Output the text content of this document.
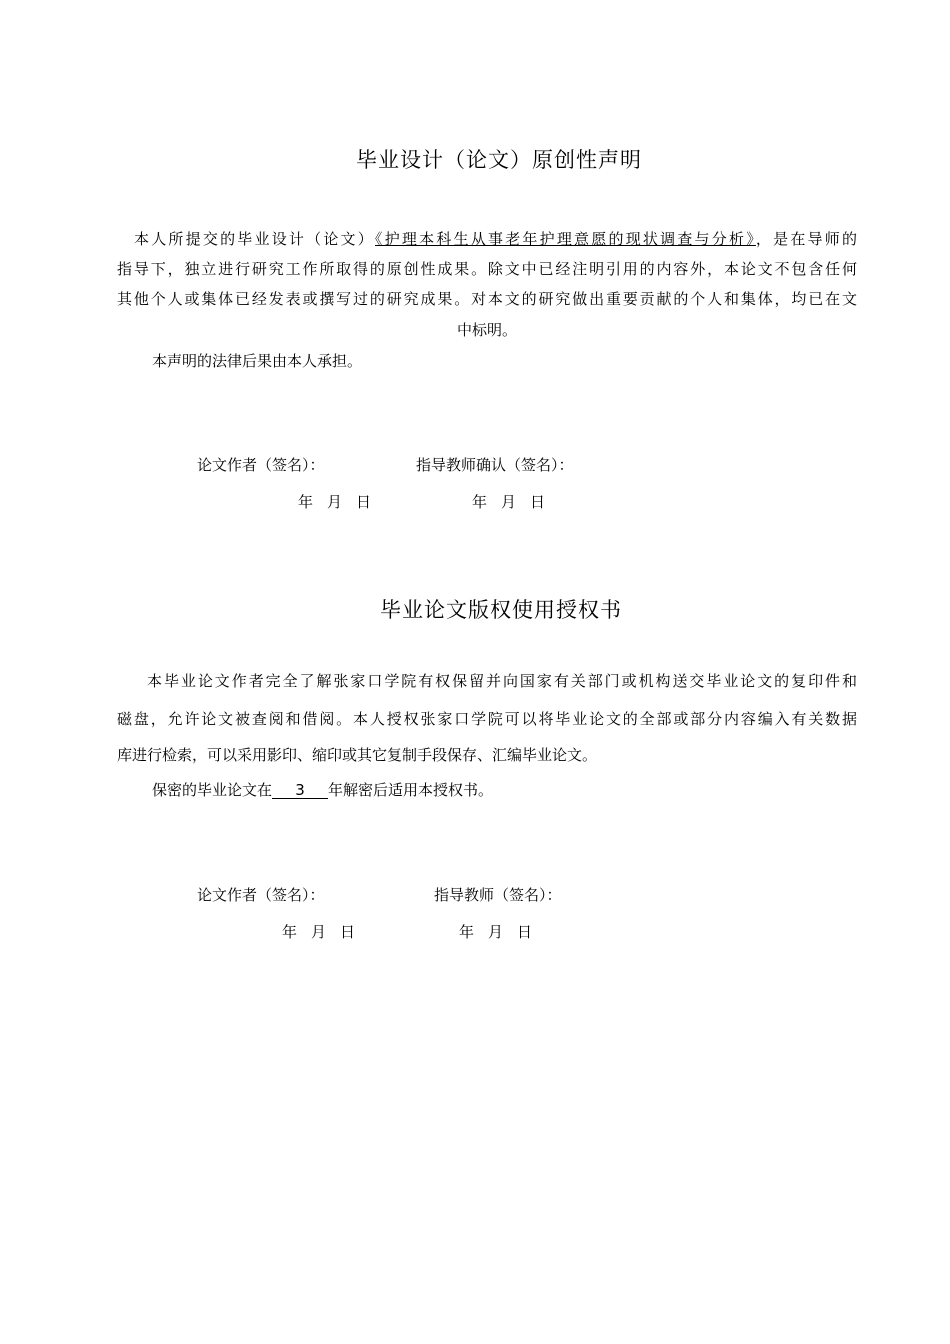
毕业设计（论文）原创性声明
本人所提交的毕业设计（论文）《护理本科生从事老年护理意愿的现状调查与分析》，是在导师的
指导下，独立进行研究工作所取得的原创性成果。除文中已经注明引用的内容外，本论文不包含任何
其他个人或集体已经发表或撰写过的研究成果。对本文的研究做出重要贡献的个人和集体，均已在文
中标明。
本声明的法律后果由本人承担。
论文作者（签名）：	指导教师确认（签名）：
年 月 日	年 月 日
毕业论文版权使用授权书
本毕业论文作者完全了解张家口学院有权保留并向国家有关部门或机构送交毕业论文的复印件和
磁盘，允许论文被查阅和借阅。本人授权张家口学院可以将毕业论文的全部或部分内容编入有关数据
库进行检索，可以采用影印、缩印或其它复制手段保存、汇编毕业论文。
保密的毕业论文在 3 年解密后适用本授权书。
论文作者（签名）：	指导教师（签名）：
年 月 日	年 月 日
